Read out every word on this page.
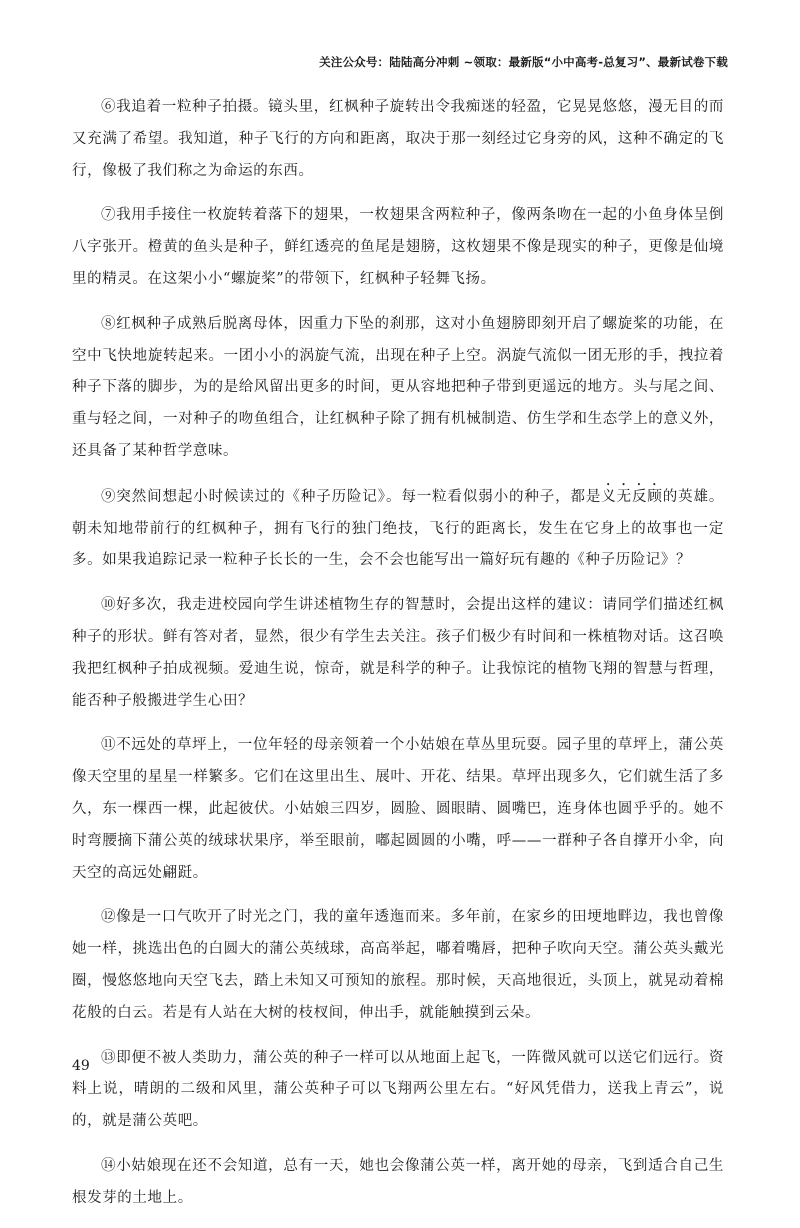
关注公众号：陆陆高分冲刺 ~领取：最新版“小中高考-总复习”、最新试卷下载

⑥我追着一粒种子拍摄。镜头里，红枫种子旋转出令我痴迷的轻盈，它晃晃悠悠，漫无目的而又充满了希望。我知道，种子飞行的方向和距离，取决于那一刻经过它身旁的风，这种不确定的飞行，像极了我们称之为命运的东西。

⑦我用手接住一枚旋转着落下的翅果，一枚翅果含两粒种子，像两条吻在一起的小鱼身体呈倒八字张开。橙黄的鱼头是种子，鲜红透亮的鱼尾是翅膀，这枚翅果不像是现实的种子，更像是仙境里的精灵。在这架小小“螺旋桨”的带领下，红枫种子轻舞飞扬。

⑧红枫种子成熟后脱离母体，因重力下坠的刹那，这对小鱼翅膀即刻开启了螺旋桨的功能，在空中飞快地旋转起来。一团小小的涡旋气流，出现在种子上空。涡旋气流似一团无形的手，拽拉着种子下落的脚步，为的是给风留出更多的时间，更从容地把种子带到更遥远的地方。头与尾之间、重与轻之间，一对种子的吻鱼组合，让红枫种子除了拥有机械制造、仿生学和生态学上的意义外，还具备了某种哲学意味。

⑨突然间想起小时候读过的《种子历险记》。每一粒看似弱小的种子，都是义无反顾的英雄。朝未知地带前行的红枫种子，拥有飞行的独门绝技，飞行的距离长，发生在它身上的故事也一定多。如果我追踪记录一粒种子长长的一生，会不会也能写出一篇好玩有趣的《种子历险记》？

⑩好多次，我走进校园向学生讲述植物生存的智慧时，会提出这样的建议：请同学们描述红枫种子的形状。鲜有答对者，显然，很少有学生去关注。孩子们极少有时间和一株植物对话。这召唤我把红枫种子拍成视频。爱迪生说，惊奇，就是科学的种子。让我惊诧的植物飞翔的智慧与哲理，能否种子般搬进学生心田？

⑪不远处的草坪上，一位年轻的母亲领着一个小姑娘在草丛里玩耍。园子里的草坪上，蒲公英像天空里的星星一样繁多。它们在这里出生、展叶、开花、结果。草坪出现多久，它们就生活了多久，东一棵西一棵，此起彼伏。小姑娘三四岁，圆脸、圆眼睛、圆嘴巴，连身体也圆乎乎的。她不时弯腰摘下蒲公英的绒球状果序，举至眼前，嘟起圆圆的小嘴，呼——一群种子各自撑开小伞，向天空的高远处翩跹。

⑫像是一口气吹开了时光之门，我的童年透迤而来。多年前，在家乡的田埂地畔边，我也曾像她一样，挑选出色的白圆大的蒲公英绒球，高高举起，嘟着嘴唇，把种子吹向天空。蒲公英头戴光圈，慢悠悠地向天空飞去，踏上未知又可预知的旅程。那时候，天高地很近，头顶上，就晃动着棉花般的白云。若是有人站在大树的枝杈间，伸出手，就能触摸到云朵。

⑬即便不被人类助力，蒲公英的种子一样可以从地面上起飞，一阵微风就可以送它们远行。资料上说，晴朗的二级和风里，蒲公英种子可以飞翔两公里左右。“好风凭借力，送我上青云”，说的，就是蒲公英吧。

⑭小姑娘现在还不会知道，总有一天，她也会像蒲公英一样，离开她的母亲，飞到适合自己生根发芽的土地上。

49
